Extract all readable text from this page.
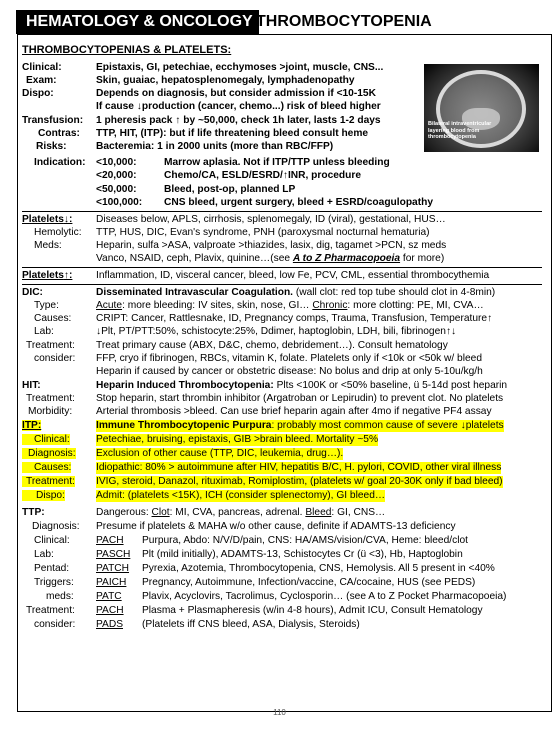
HEMATOLOGY & ONCOLOGY THROMBOCYTOPENIA
Bilateral intraventricular layering blood from thrombocytopenia
THROMBOCYTOPENIAS & PLATELETS:
Clinical:	Epistaxis, GI, petechiae, ecchymoses >joint, muscle, CNS...
Exam:	Skin, guaiac, hepatosplenomegaly, lymphadenopathy
Dispo:	Depends on diagnosis, but consider admission if <10-15K
If cause ↓production (cancer, chemo...) risk of bleed higher
Transfusion: 1 pheresis pack ↑ by ~50,000, check 1h later, lasts 1-2 days
Contras: TTP, HIT, (ITP): but if life threatening bleed consult heme
Risks:	Bacteremia: 1 in 2000 units (more than RBC/FFP)
Indication: <10,000:	Marrow aplasia. Not if ITP/TTP unless bleeding
<20,000:	Chemo/CA, ESLD/ESRD/↑INR, procedure
<50,000:	Bleed, post-op, planned LP
<100,000: CNS bleed, urgent surgery, bleed + ESRD/coagulopathy
Platelets↓: Diseases below, APLS, cirrhosis, splenomegaly, ID (viral), gestational, HUS…
Hemolytic: TTP, HUS, DIC, Evan's syndrome, PNH (paroxysmal nocturnal hematuria)
Meds:	Heparin, sulfa >ASA, valproate >thiazides, lasix, dig, tagamet >PCN, sz meds
Vanco, NSAID, ceph, Plavix, quinine…(see A to Z Pharmacopoeia for more)
Platelets↑: Inflammation, ID, visceral cancer, bleed, low Fe, PCV, CML, essential thrombocythemia
DIC:	Disseminated Intravascular Coagulation. (wall clot: red top tube should clot in 4-8min)
Type:	Acute: more bleeding: IV sites, skin, nose, GI… Chronic: more clotting: PE, MI, CVA…
Causes: CRIPT: Cancer, Rattlesnake, ID, Pregnancy comps, Trauma, Transfusion, Temperature↑
Lab:	↓Plt, PT/PTT:50%, schistocyte:25%, Ddimer, haptoglobin, LDH, bili, fibrinogen↑↓
Treatment: Treat primary cause (ABX, D&C, chemo, debridement…). Consult hematology
consider: FFP, cryo if fibrinogen, RBCs, vitamin K, folate. Platelets only if <10k or <50k w/ bleed
Heparin if caused by cancer or obstetric disease: No bolus and drip at only 5-10u/kg/h
HIT:	Heparin Induced Thrombocytopenia: Plts <100K or <50% baseline, ü 5-14d post heparin
Treatment: Stop heparin, start thrombin inhibitor (Argatroban or Lepirudin) to prevent clot. No platelets
Morbidity: Arterial thrombosis >bleed. Can use brief heparin again after 4mo if negative PF4 assay
ITP:	Immune Thrombocytopenic Purpura: probably most common cause of severe ↓platelets
Clinical:	Petechiae, bruising, epistaxis, GIB >brain bleed. Mortality ~5%
Diagnosis: Exclusion of other cause (TTP, DIC, leukemia, drug…).
Causes: Idiopathic: 80% > autoimmune after HIV, hepatitis B/C, H. pylori, COVID, other viral illness
Treatment: IVIG, steroid, Danazol, rituximab, Romiplostim, (platelets w/ goal 20-30K only if bad bleed)
Dispo:	Admit: (platelets <15K), ICH (consider splenectomy), GI bleed…
TTP:	Dangerous: Clot: MI, CVA, pancreas, adrenal. Bleed: GI, CNS…
Diagnosis: Presume if platelets & MAHA w/o other cause, definite if ADAMTS-13 deficiency
Clinical:	PACH Purpura, Abdo: N/V/D/pain, CNS: HA/AMS/vision/CVA, Heme: bleed/clot
Lab:	PASCH Plt (mild initially), ADAMTS-13, Schistocytes Cr (ü <3), Hb, Haptoglobin
Pentad:	PATCH Pyrexia, Azotemia, Thrombocytopenia, CNS, Hemolysis. All 5 present in <40%
Triggers: PAICH Pregnancy, Autoimmune, Infection/vaccine, CA/cocaine, HUS (see PEDS)
meds: PATC Plavix, Acyclovirs, Tacrolimus, Cyclosporin… (see A to Z Pocket Pharmacopoeia)
Treatment: PACH Plasma + Plasmapheresis (w/in 4-8 hours), Admit ICU, Consult Hematology
consider: PADS (Platelets iff CNS bleed, ASA, Dialysis, Steroids)
110
